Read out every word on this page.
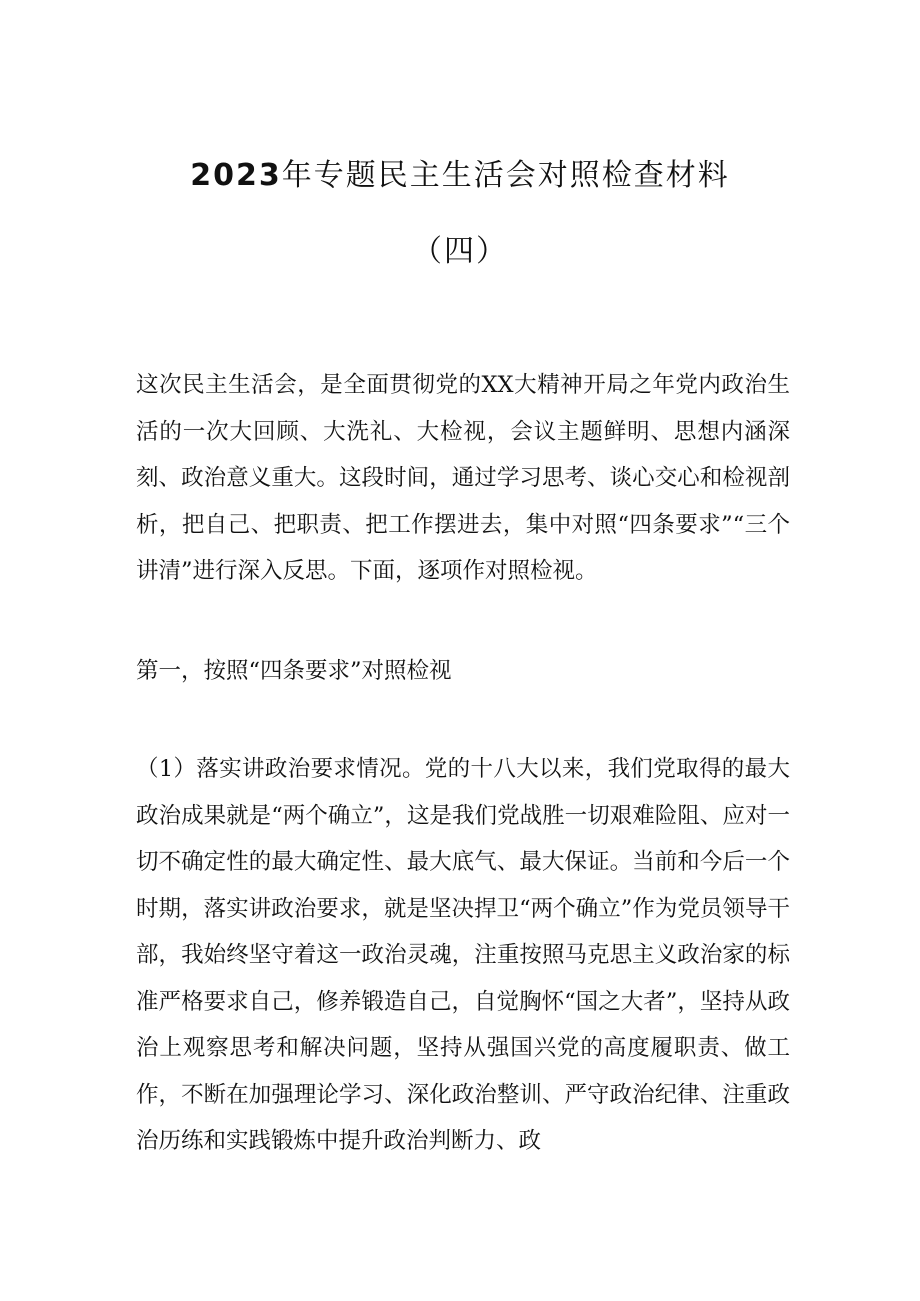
2023年专题民主生活会对照检查材料
（四）

这次民主生活会，是全面贯彻党的XX大精神开局之年党内政治生活的一次大回顾、大洗礼、大检视，会议主题鲜明、思想内涵深刻、政治意义重大。这段时间，通过学习思考、谈心交心和检视剖析，把自己、把职责、把工作摆进去，集中对照“四条要求”“三个讲清”进行深入反思。下面，逐项作对照检视。

第一，按照“四条要求”对照检视

（1）落实讲政治要求情况。党的十八大以来，我们党取得的最大政治成果就是“两个确立”，这是我们党战胜一切艰难险阻、应对一切不确定性的最大确定性、最大底气、最大保证。当前和今后一个时期，落实讲政治要求，就是坚决捍卫“两个确立”作为党员领导干部，我始终坚守着这一政治灵魂，注重按照马克思主义政治家的标准严格要求自己，修养锻造自己，自觉胸怀“国之大者”，坚持从政治上观察思考和解决问题，坚持从强国兴党的高度履职责、做工作，不断在加强理论学习、深化政治整训、严守政治纪律、注重政治历练和实践锻炼中提升政治判断力、政
